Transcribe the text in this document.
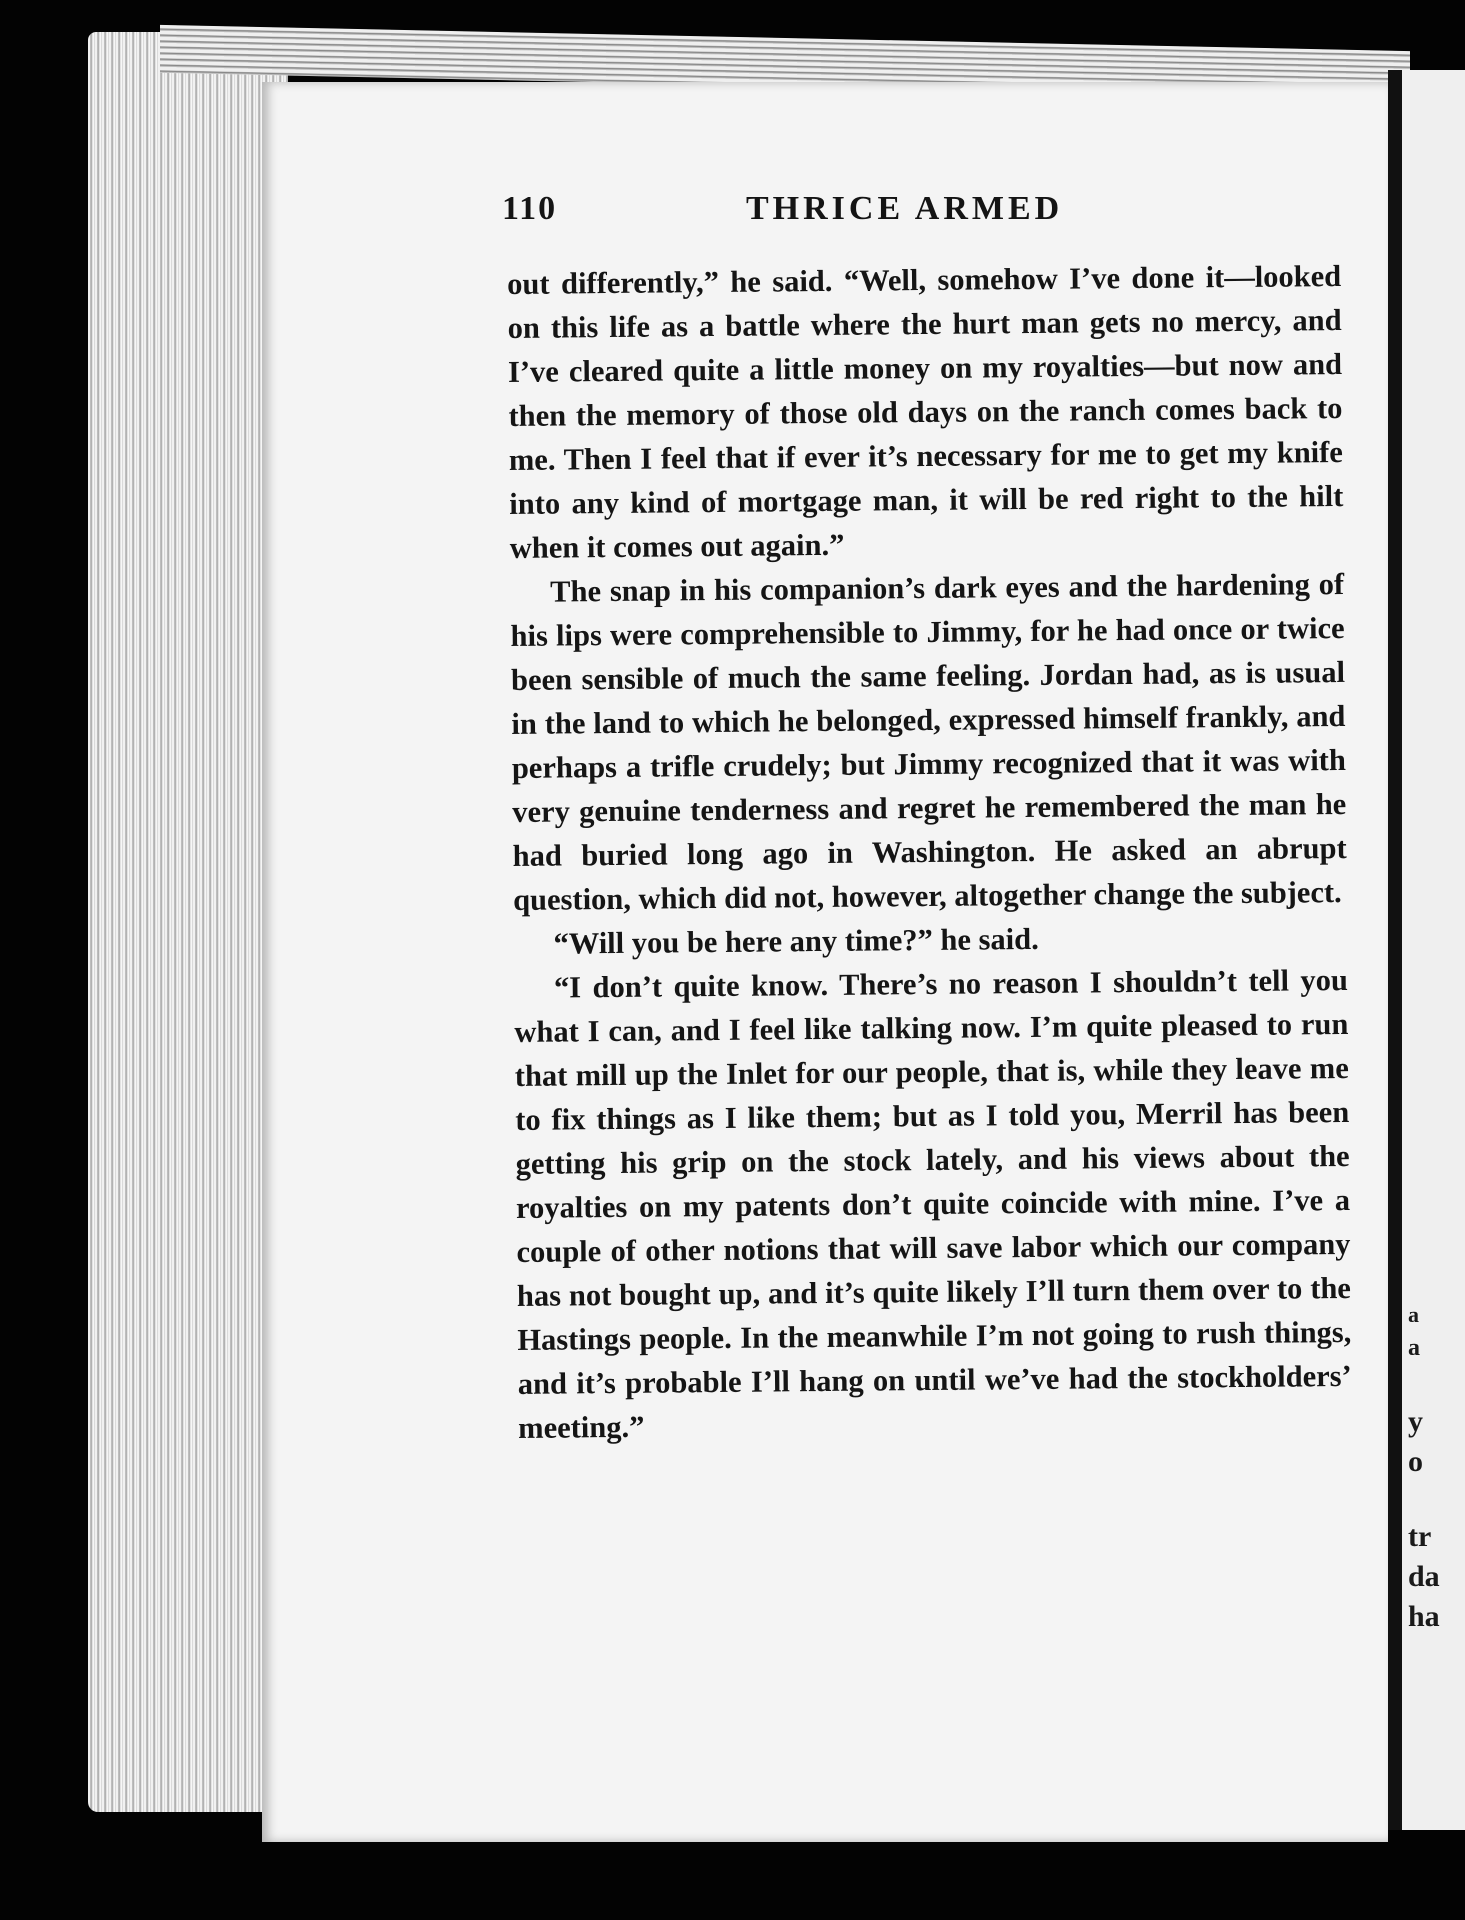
a
a
y
o
tr
da
ha
110	THRICE ARMED

out differently,” he said. “Well, somehow I’ve done it—looked on this life as a battle where the hurt man gets no mercy, and I’ve cleared quite a little money on my royalties—but now and then the memory of those old days on the ranch comes back to me. Then I feel that if ever it’s necessary for me to get my knife into any kind of mortgage man, it will be red right to the hilt when it comes out again.”

The snap in his companion’s dark eyes and the hardening of his lips were comprehensible to Jimmy, for he had once or twice been sensible of much the same feeling. Jordan had, as is usual in the land to which he belonged, expressed himself frankly, and perhaps a trifle crudely; but Jimmy recognized that it was with very genuine tenderness and regret he remembered the man he had buried long ago in Washington. He asked an abrupt question, which did not, however, altogether change the subject.

“Will you be here any time?” he said.

“I don’t quite know. There’s no reason I shouldn’t tell you what I can, and I feel like talking now. I’m quite pleased to run that mill up the Inlet for our people, that is, while they leave me to fix things as I like them; but as I told you, Merril has been getting his grip on the stock lately, and his views about the royalties on my patents don’t quite coincide with mine. I’ve a couple of other notions that will save labor which our company has not bought up, and it’s quite likely I’ll turn them over to the Hastings people. In the meanwhile I’m not going to rush things, and it’s probable I’ll hang on until we’ve had the stockholders’ meeting.”
